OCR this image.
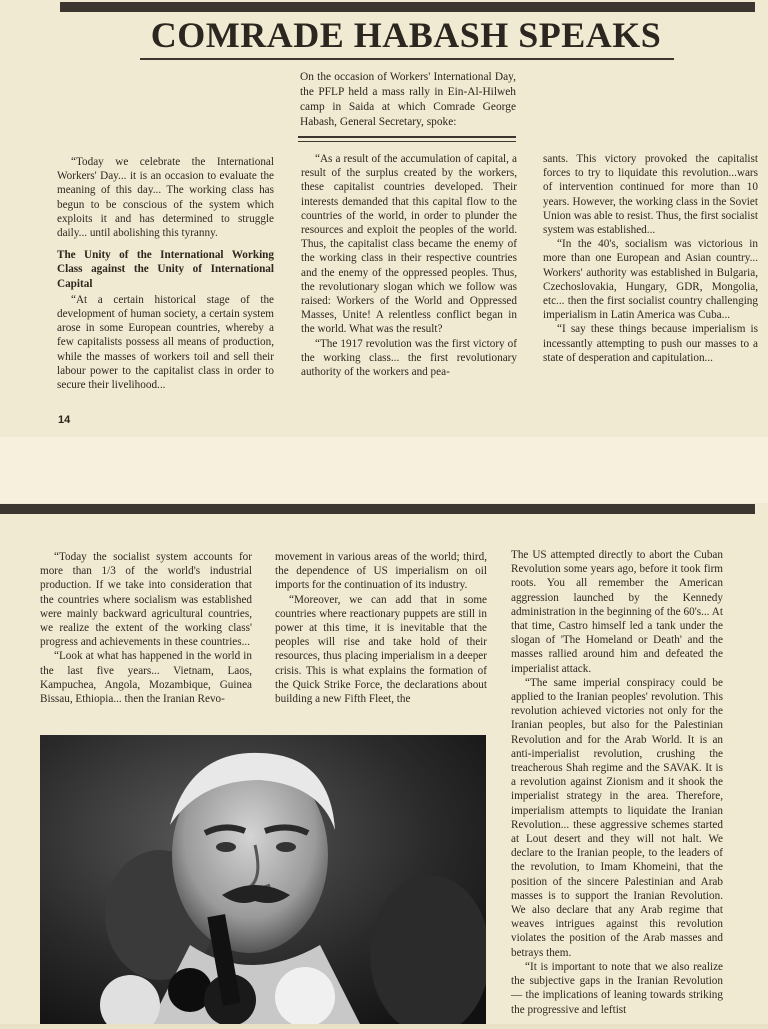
COMRADE HABASH SPEAKS
On the occasion of Workers' International Day, the PFLP held a mass rally in Ein-Al-Hilweh camp in Saida at which Comrade George Habash, General Secretary, spoke:

“Today we celebrate the International Workers' Day... it is an occasion to evaluate the meaning of this day... The working class has begun to be conscious of the system which exploits it and has determined to struggle daily... until abolishing this tyranny.

The Unity of the International Working Class against the Unity of International Capital

“At a certain historical stage of the development of human society, a certain system arose in some European countries, whereby a few capitalists possess all means of production, while the masses of workers toil and sell their labour power to the capitalist class in order to secure their livelihood...

“As a result of the accumulation of capital, a result of the surplus created by the workers, these capitalist countries developed. Their interests demanded that this capital flow to the countries of the world, in order to plunder the resources and exploit the peoples of the world. Thus, the capitalist class became the enemy of the working class in their respective countries and the enemy of the oppressed peoples. Thus, the revolutionary slogan which we follow was raised: Workers of the World and Oppressed Masses, Unite! A relentless conflict began in the world. What was the result?

“The 1917 revolution was the first victory of the working class... the first revolutionary authority of the workers and pea-

sants. This victory provoked the capitalist forces to try to liquidate this revolution...wars of intervention continued for more than 10 years. However, the working class in the Soviet Union was able to resist. Thus, the first socialist system was established...

“In the 40's, socialism was victorious in more than one European and Asian country... Workers' authority was established in Bulgaria, Czechoslovakia, Hungary, GDR, Mongolia, etc... then the first socialist country challenging imperialism in Latin America was Cuba...

“I say these things because imperialism is incessantly attempting to push our masses to a state of desperation and capitulation...

14

“Today the socialist system accounts for more than 1/3 of the world's industrial production. If we take into consideration that the countries where socialism was established were mainly backward agricultural countries, we realize the extent of the working class' progress and achievements in these countries...

“Look at what has happened in the world in the last five years... Vietnam, Laos, Kampuchea, Angola, Mozambique, Guinea Bissau, Ethiopia... then the Iranian Revo-

movement in various areas of the world; third, the dependence of US imperialism on oil imports for the continuation of its industry.

“Moreover, we can add that in some countries where reactionary puppets are still in power at this time, it is inevitable that the peoples will rise and take hold of their resources, thus placing imperialism in a deeper crisis. This is what explains the formation of the Quick Strike Force, the declarations about building a new Fifth Fleet, the

The US attempted directly to abort the Cuban Revolution some years ago, before it took firm roots. You all remember the American aggression launched by the Kennedy administration in the beginning of the 60's... At that time, Castro himself led a tank under the slogan of 'The Homeland or Death' and the masses rallied around him and defeated the imperialist attack.

“The same imperial conspiracy could be applied to the Iranian peoples' revolution. This revolution achieved victories not only for the Iranian peoples, but also for the Palestinian Revolution and for the Arab World. It is an anti-imperialist revolution, crushing the treacherous Shah regime and the SAVAK. It is a revolution against Zionism and it shook the imperialist strategy in the area. Therefore, imperialism attempts to liquidate the Iranian Revolution... these aggressive schemes started at Lout desert and they will not halt. We declare to the Iranian people, to the leaders of the revolution, to Imam Khomeini, that the position of the sincere Palestinian and Arab masses is to support the Iranian Revolution. We also declare that any Arab regime that weaves intrigues against this revolution violates the position of the Arab masses and betrays them.

“It is important to note that we also realize the subjective gaps in the Iranian Revolution — the implications of leaning towards striking the progressive and leftist
